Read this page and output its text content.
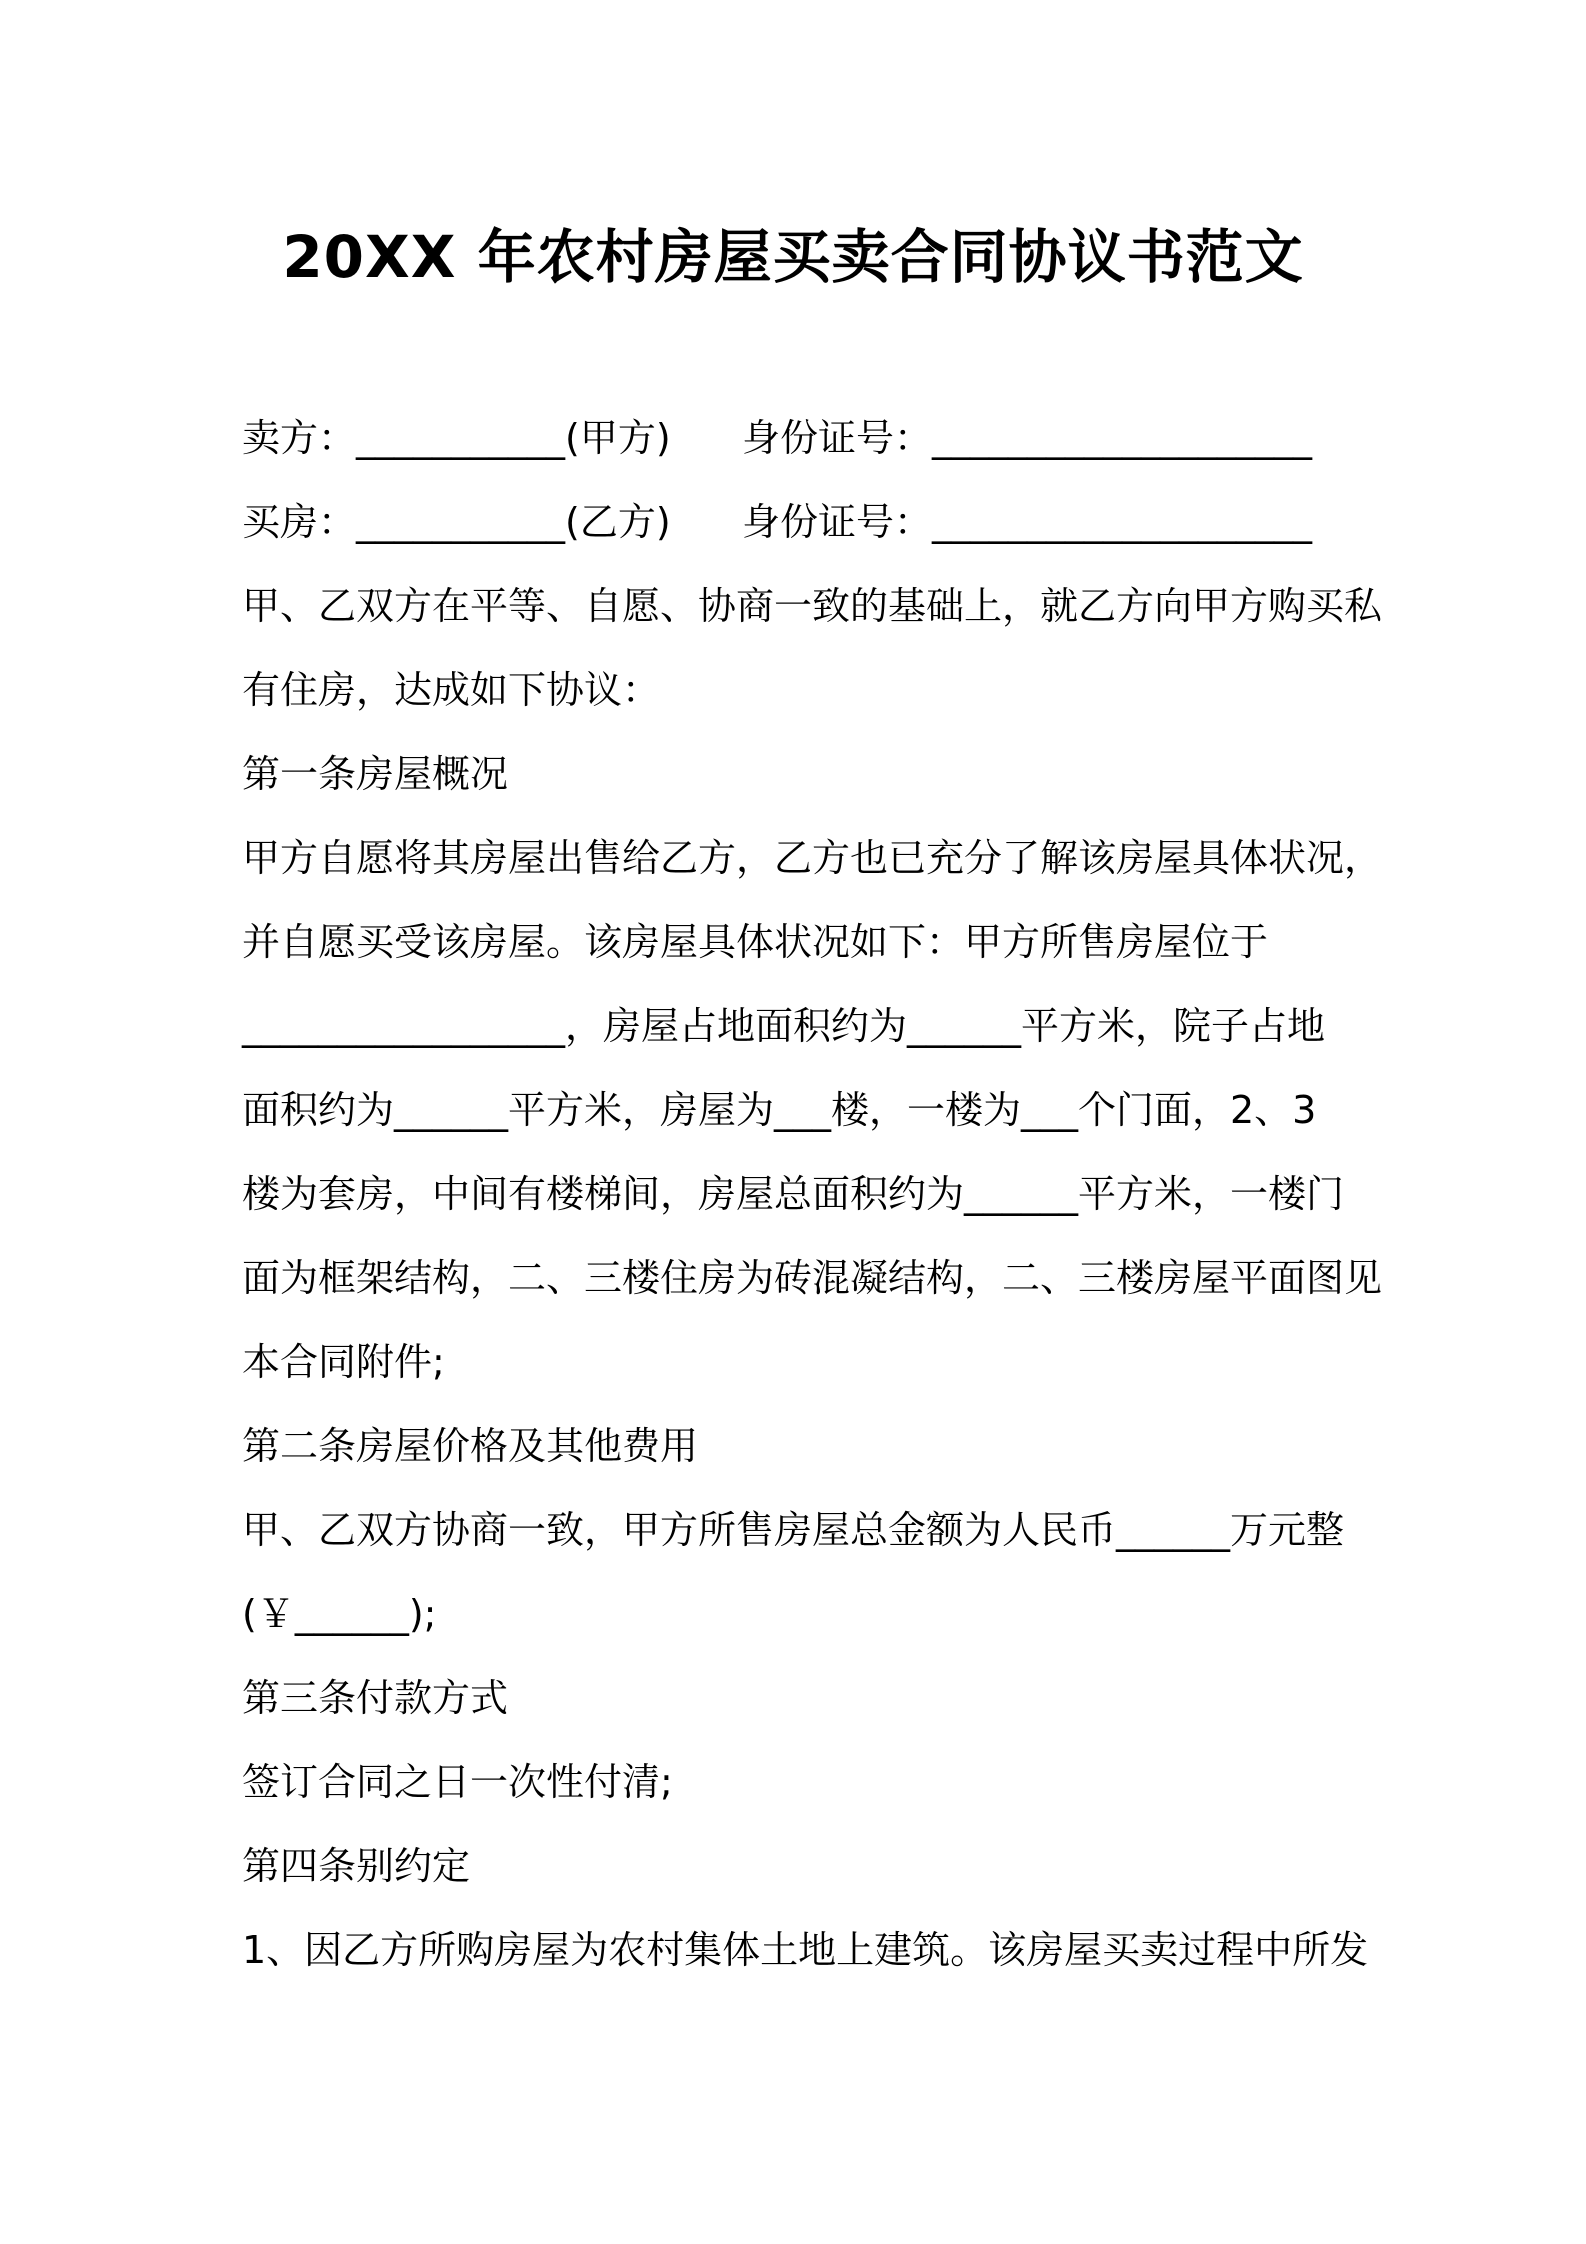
20XX 年农村房屋买卖合同协议书范文
卖方：___________(甲方) 身份证号：____________________
买房：___________(乙方) 身份证号：____________________
甲、乙双方在平等、自愿、协商一致的基础上，就乙方向甲方购买私
有住房，达成如下协议：
第一条房屋概况
甲方自愿将其房屋出售给乙方，乙方也已充分了解该房屋具体状况，
并自愿买受该房屋。该房屋具体状况如下：甲方所售房屋位于
_________________，房屋占地面积约为______平方米，院子占地
面积约为______平方米，房屋为___楼，一楼为___个门面，2、3
楼为套房，中间有楼梯间，房屋总面积约为______平方米，一楼门
面为框架结构，二、三楼住房为砖混凝结构，二、三楼房屋平面图见
本合同附件;
第二条房屋价格及其他费用
甲、乙双方协商一致，甲方所售房屋总金额为人民币______万元整
(￥______);
第三条付款方式
签订合同之日一次性付清;
第四条别约定
1、因乙方所购房屋为农村集体土地上建筑。该房屋买卖过程中所发
